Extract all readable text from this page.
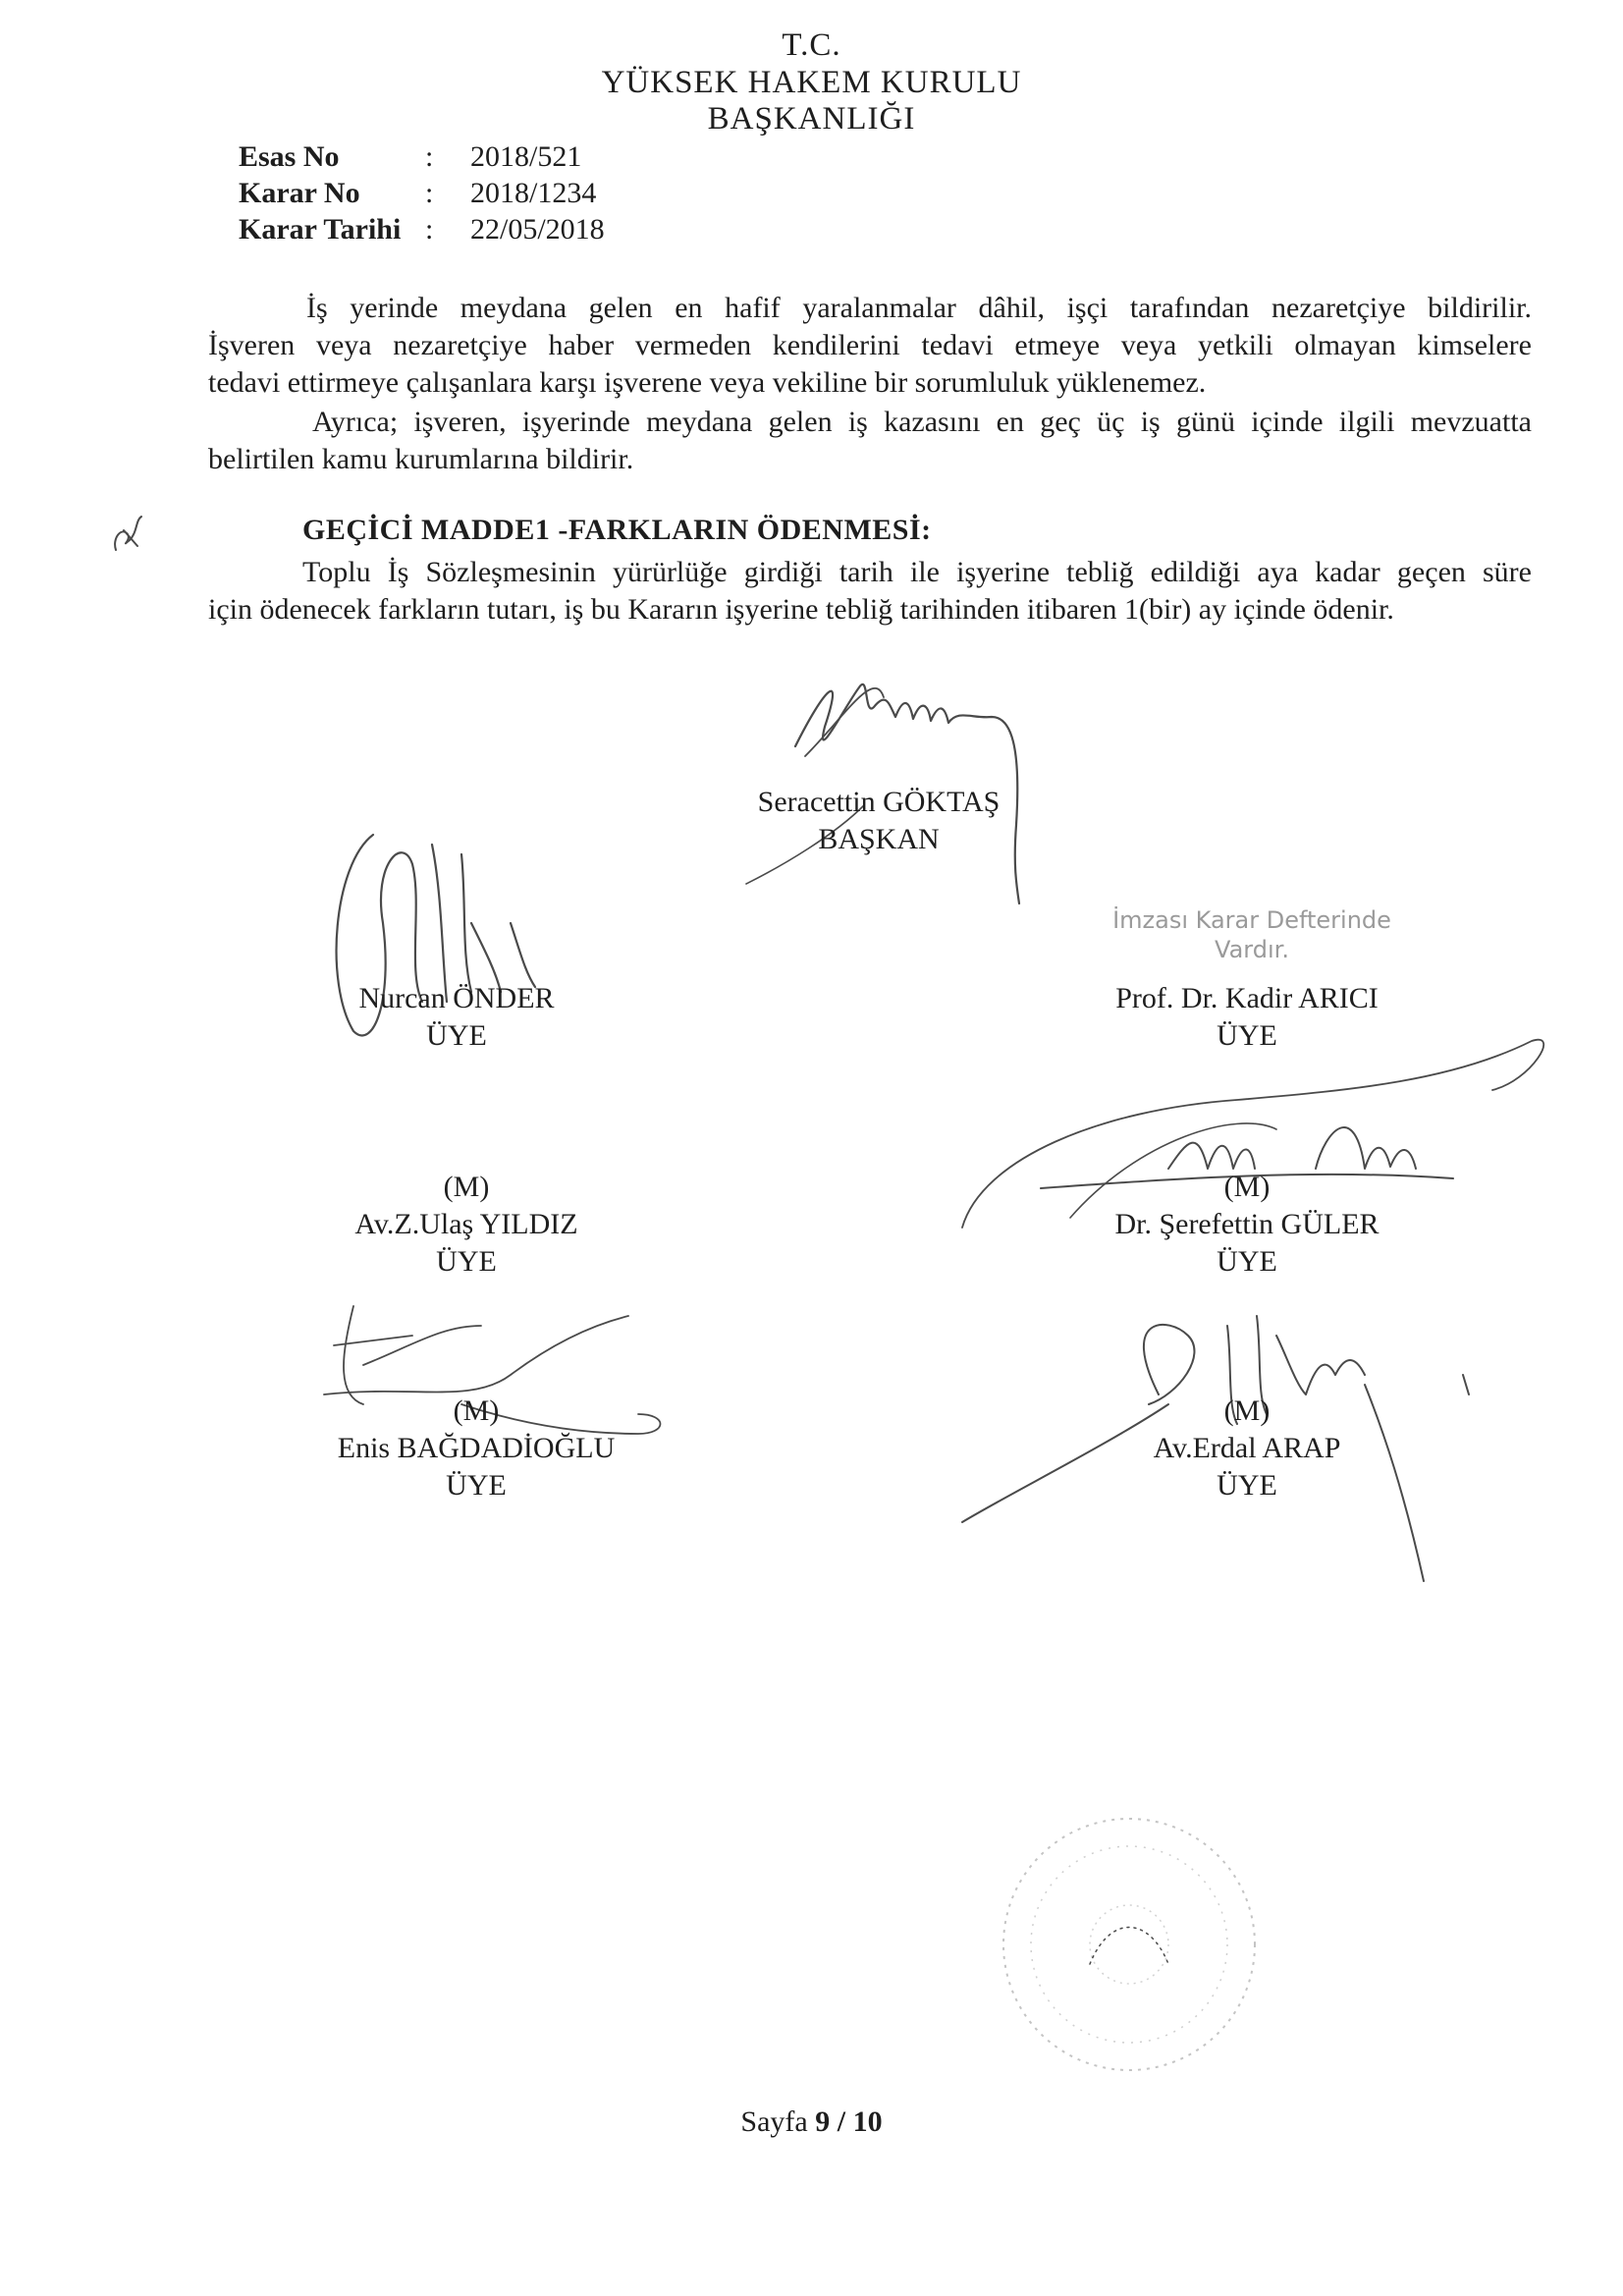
T.C.
YÜKSEK HAKEM KURULU
BAŞKANLIĞI
Esas No	: 2018/521
Karar No : 2018/1234
Karar Tarihi : 22/05/2018
İş yerinde meydana gelen en hafif yaralanmalar dâhil, işçi tarafından nezaretçiye bildirilir.
İşveren veya nezaretçiye haber vermeden kendilerini tedavi etmeye veya yetkili olmayan kimselere
tedavi ettirmeye çalışanlara karşı işverene veya vekiline bir sorumluluk yüklenemez.
Ayrıca; işveren, işyerinde meydana gelen iş kazasını en geç üç iş günü içinde ilgili mevzuatta
belirtilen kamu kurumlarına bildirir.
GEÇİCİ MADDE1 -FARKLARIN ÖDENMESİ:
Toplu İş Sözleşmesinin yürürlüğe girdiği tarih ile işyerine tebliğ edildiği aya kadar geçen süre
için ödenecek farkların tutarı, iş bu Kararın işyerine tebliğ tarihinden itibaren 1(bir) ay içinde ödenir.
Seracettin GÖKTAŞ
BAŞKAN
Nurcan ÖNDER
ÜYE
İmzası Karar Defterinde Vardır.
Prof. Dr. Kadir ARICI
ÜYE
(M)
Av.Z.Ulaş YILDIZ
ÜYE
(M)
Dr. Şerefettin GÜLER
ÜYE
(M)
Enis BAĞDADİOĞLU
ÜYE
(M)
Av.Erdal ARAP
ÜYE
Sayfa 9 / 10
